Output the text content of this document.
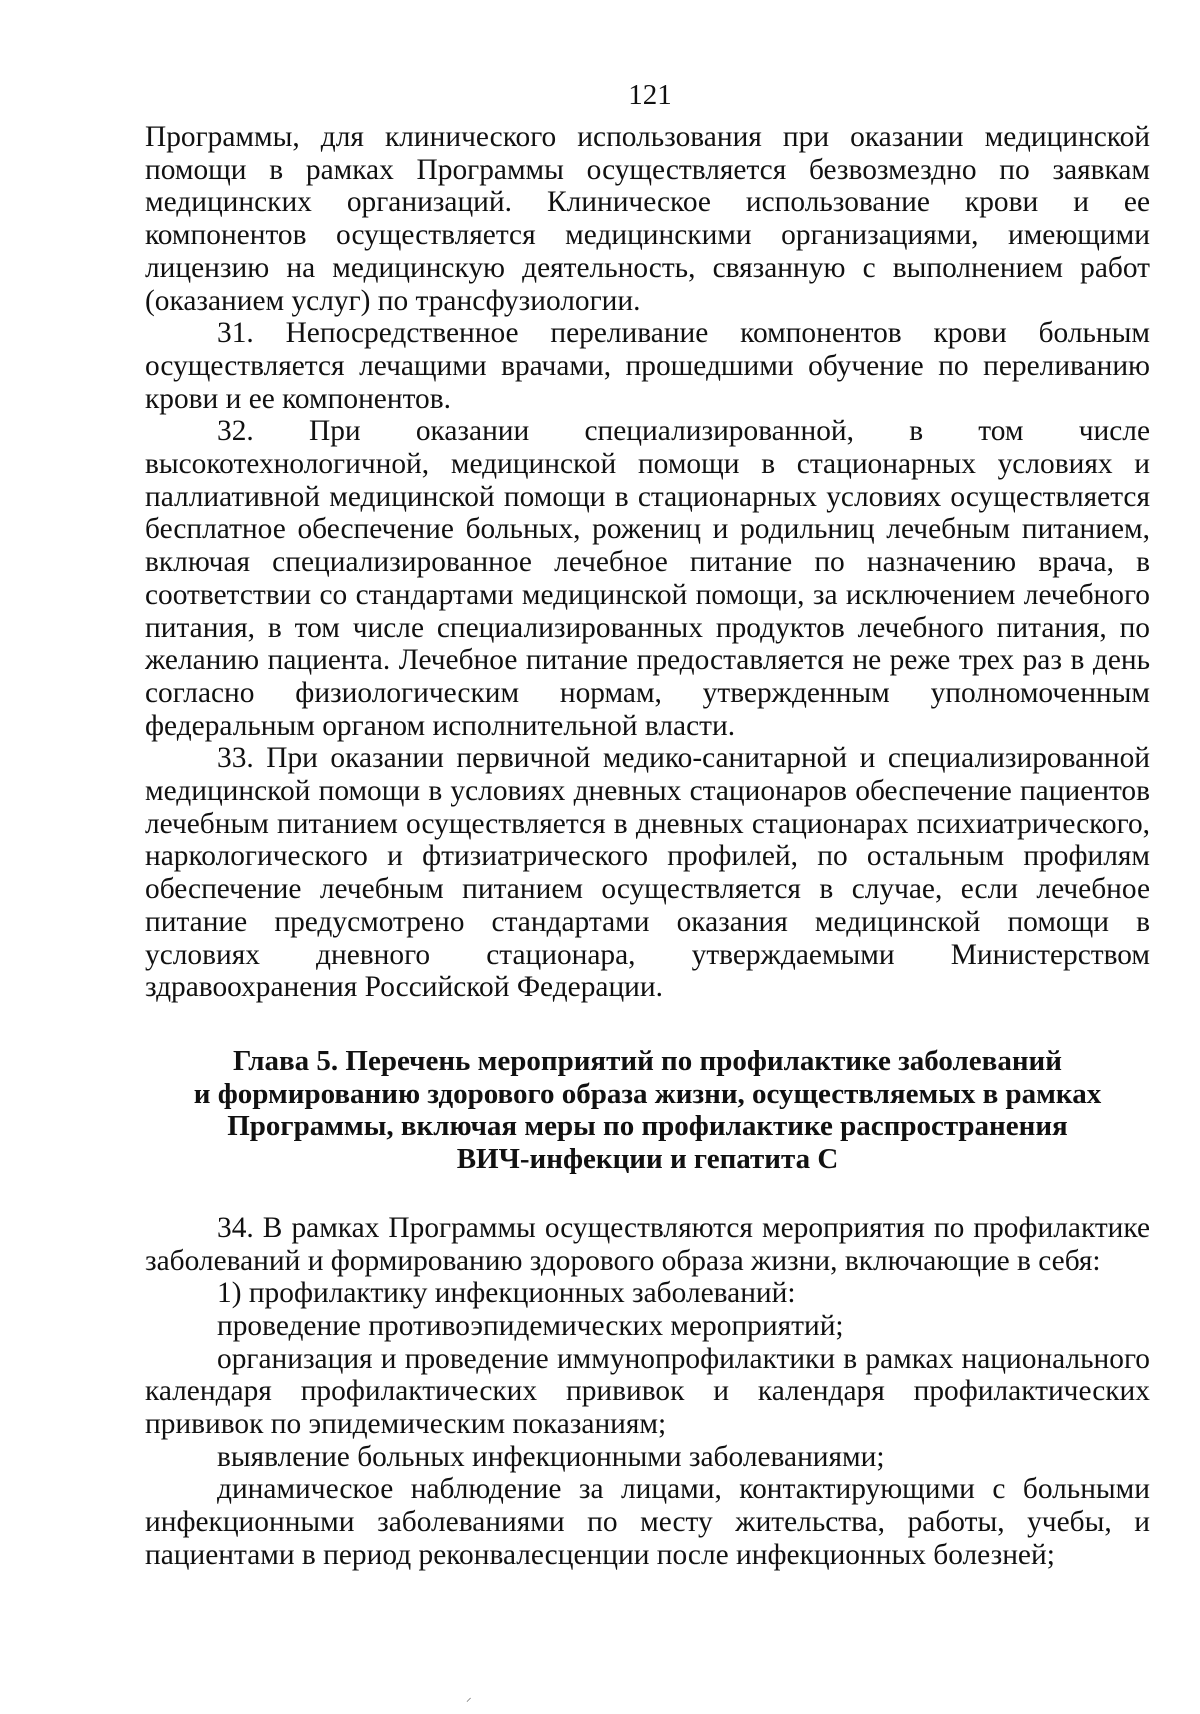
121

Программы, для клинического использования при оказании медицинской помощи в рамках Программы осуществляется безвозмездно по заявкам медицинских организаций. Клиническое использование крови и ее компонентов осуществляется медицинскими организациями, имеющими лицензию на медицинскую деятельность, связанную с выполнением работ (оказанием услуг) по трансфузиологии.

31. Непосредственное переливание компонентов крови больным осуществляется лечащими врачами, прошедшими обучение по переливанию крови и ее компонентов.

32. При оказании специализированной, в том числе высокотехнологичной, медицинской помощи в стационарных условиях и паллиативной медицинской помощи в стационарных условиях осуществляется бесплатное обеспечение больных, рожениц и родильниц лечебным питанием, включая специализированное лечебное питание по назначению врача, в соответствии со стандартами медицинской помощи, за исключением лечебного питания, в том числе специализированных продуктов лечебного питания, по желанию пациента. Лечебное питание предоставляется не реже трех раз в день согласно физиологическим нормам, утвержденным уполномоченным федеральным органом исполнительной власти.

33. При оказании первичной медико-санитарной и специализированной медицинской помощи в условиях дневных стационаров обеспечение пациентов лечебным питанием осуществляется в дневных стационарах психиатрического, наркологического и фтизиатрического профилей, по остальным профилям обеспечение лечебным питанием осуществляется в случае, если лечебное питание предусмотрено стандартами оказания медицинской помощи в условиях дневного стационара, утверждаемыми Министерством здравоохранения Российской Федерации.

Глава 5. Перечень мероприятий по профилактике заболеваний
и формированию здорового образа жизни, осуществляемых в рамках
Программы, включая меры по профилактике распространения
ВИЧ-инфекции и гепатита С

34. В рамках Программы осуществляются мероприятия по профилактике заболеваний и формированию здорового образа жизни, включающие в себя:

1) профилактику инфекционных заболеваний:

проведение противоэпидемических мероприятий;

организация и проведение иммунопрофилактики в рамках национального календаря профилактических прививок и календаря профилактических прививок по эпидемическим показаниям;

выявление больных инфекционными заболеваниями;

динамическое наблюдение за лицами, контактирующими с больными инфекционными заболеваниями по месту жительства, работы, учебы, и пациентами в период реконвалесценции после инфекционных болезней;

⸝
